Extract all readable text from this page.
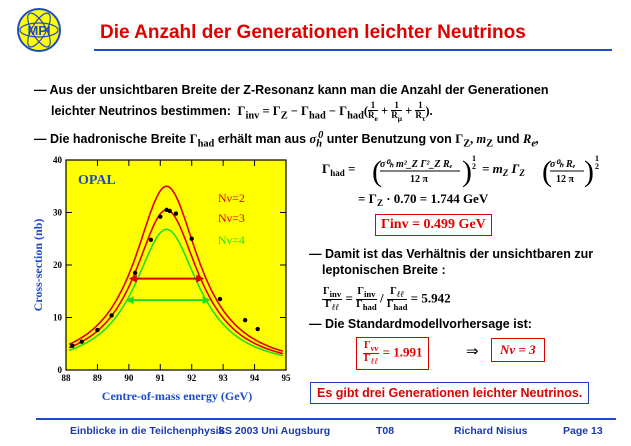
MPI	Die Anzahl der Generationen leichter Neutrinos
— Aus der unsichtbaren Breite der Z-Resonanz kann man die Anzahl der Generationen
leichter Neutrinos bestimmen:  $\Gamma_{inv} = \Gamma_Z - \Gamma_{had} - \Gamma_{had}( \frac{1}{R_e} + \frac{1}{R_\mu} + \frac{1}{R_\tau}$ ).
— Die hadronische Breite $\Gamma_{had}$ erhält man aus $\sigma_h^0$ unter Benutzung von $\Gamma_Z$, $m_Z$ und $R_e$,
88 89 90 91 92 93 94 95
0
10
20
30
40
OPAL
Nν=2
Nν=3
Nν=4
Centre-of-mass energy (GeV)
Cross-section (nb)
$\Gamma_{had}$ = (
σ⁰ₕ m²_Z Γ²_Z Rₑ
12 π ) 1
$2 = m_Z$ $\Gamma_Z$ (
σ⁰ₕ Rₑ
12 π ) 1
2
= $\Gamma_Z \cdot 0.70 = 1.744$ GeV
Γinv = 0.499 GeV
— Damit ist das Verhältnis der unsichtbaren zur
leptonischen Breite :
$\frac{\Gamma_{inv}}{\Gamma_{\ell\ell}} = \frac{\Gamma_{inv}}{\Gamma_{had}} / \frac{\Gamma_{\ell\ell}}{\Gamma_{had}} = 5.942$
— Die Standardmodellvorhersage ist:
$\frac{\Gamma_{\nu\nu}}{\Gamma_{\ell\ell}} = 1.991$	⇒	Nν = 3
Es gibt drei Generationen leichter Neutrinos.
Einblicke in die Teilchenphysik
SS 2003 Uni Augsburg	T08	Richard Nisius	Page 13
